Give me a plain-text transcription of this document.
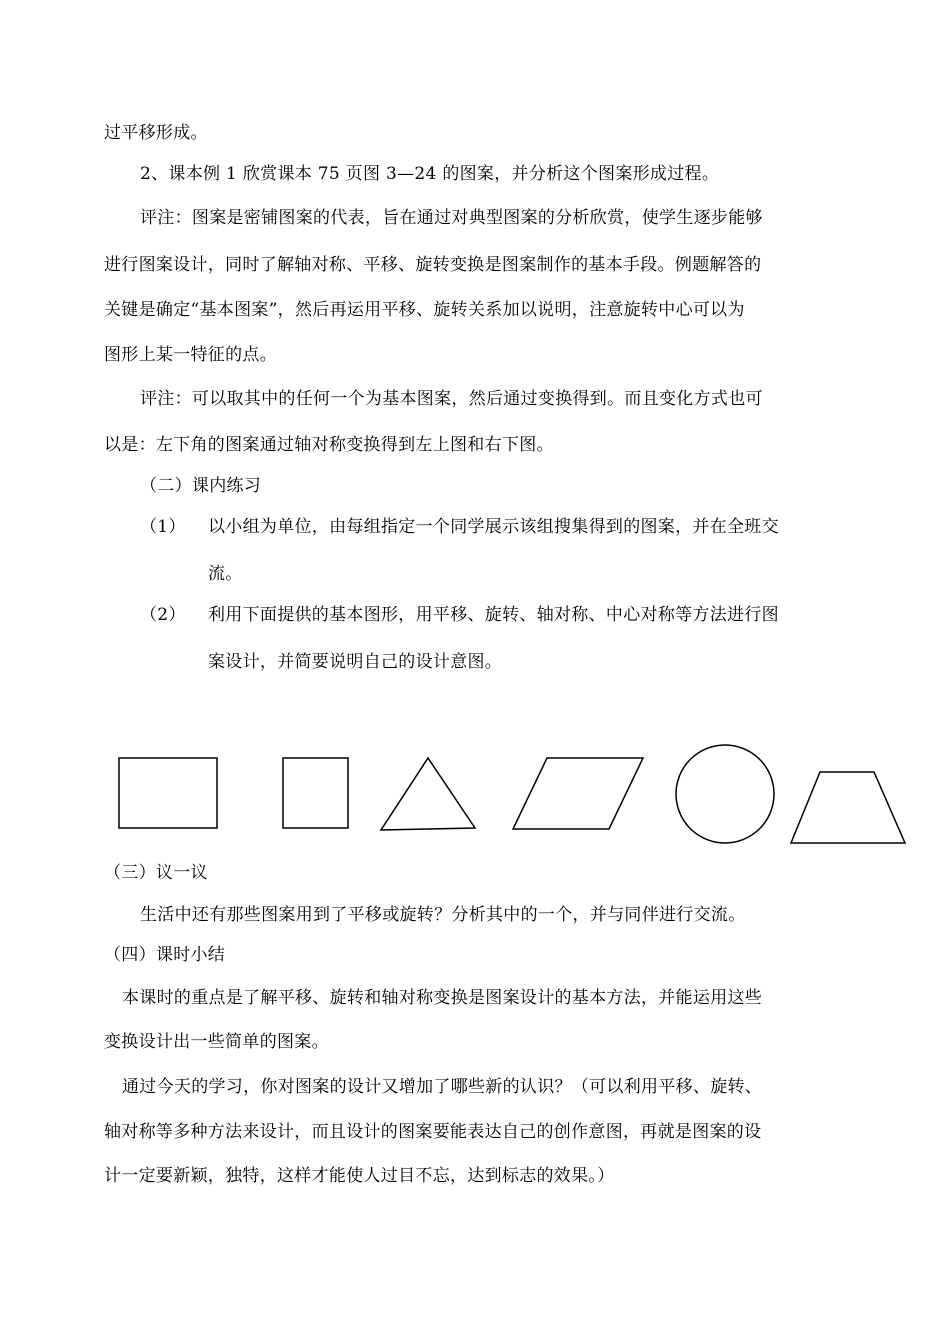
过平移形成。
2、课本例 1 欣赏课本 75 页图 3—24 的图案，并分析这个图案形成过程。
评注：图案是密铺图案的代表，旨在通过对典型图案的分析欣赏，使学生逐步能够
进行图案设计，同时了解轴对称、平移、旋转变换是图案制作的基本手段。例题解答的
关键是确定“基本图案”，然后再运用平移、旋转关系加以说明，注意旋转中心可以为
图形上某一特征的点。
评注：可以取其中的任何一个为基本图案，然后通过变换得到。而且变化方式也可
以是：左下角的图案通过轴对称变换得到左上图和右下图。
（二）课内练习
（1） 以小组为单位，由每组指定一个同学展示该组搜集得到的图案，并在全班交
流。
（2） 利用下面提供的基本图形，用平移、旋转、轴对称、中心对称等方法进行图
案设计，并简要说明自己的设计意图。
（三）议一议
生活中还有那些图案用到了平移或旋转？分析其中的一个，并与同伴进行交流。
（四）课时小结
本课时的重点是了解平移、旋转和轴对称变换是图案设计的基本方法，并能运用这些
变换设计出一些简单的图案。
通过今天的学习，你对图案的设计又增加了哪些新的认识？（可以利用平移、旋转、
轴对称等多种方法来设计，而且设计的图案要能表达自己的创作意图，再就是图案的设
计一定要新颖，独特，这样才能使人过目不忘，达到标志的效果。）
